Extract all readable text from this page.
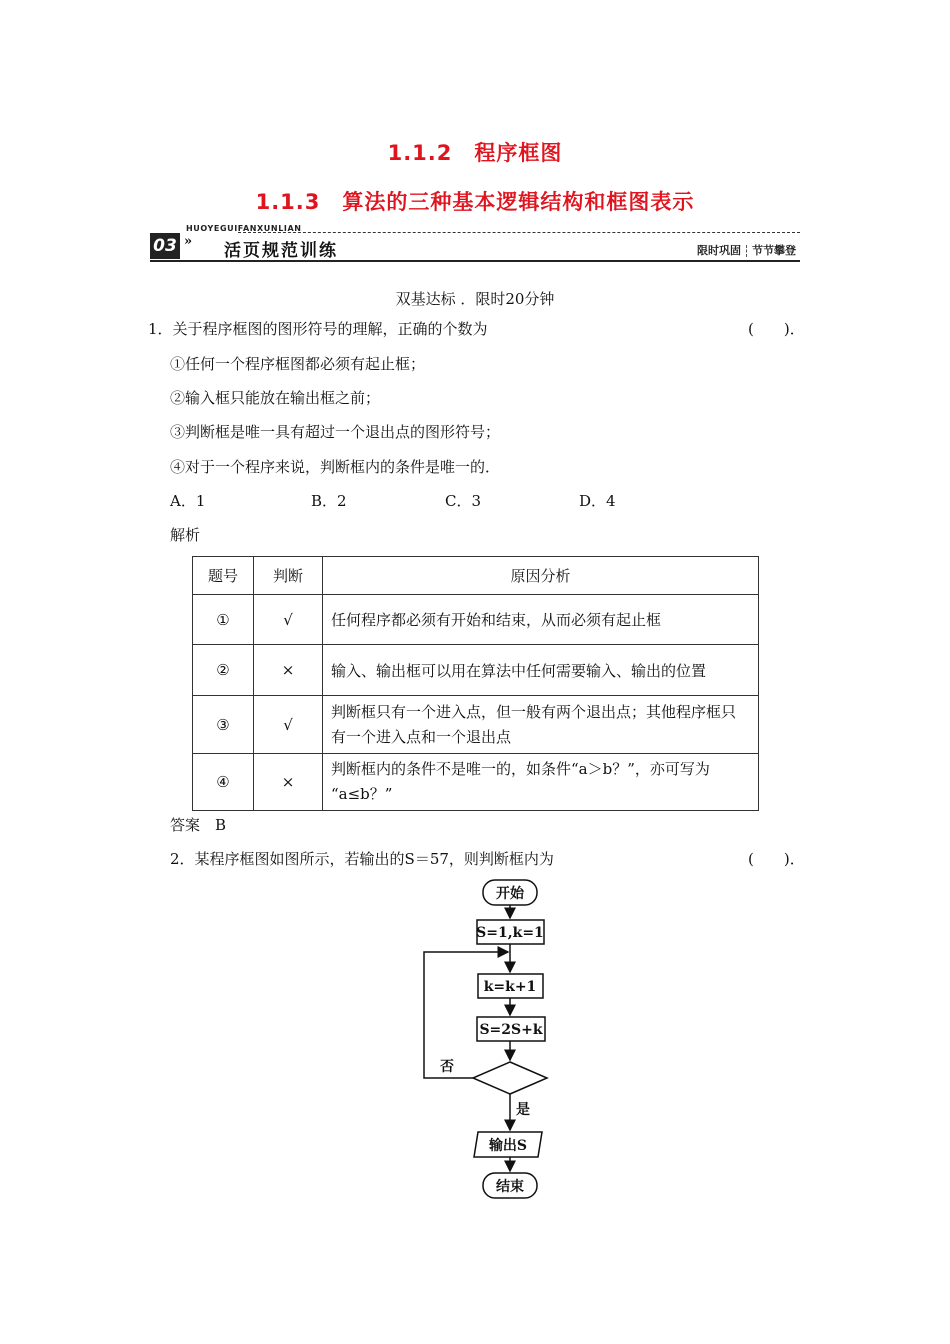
1.1.2　程序框图
1.1.3　算法的三种基本逻辑结构和框图表示
HUOYEGUIFANXUNLIAN
03 » 活页规范训练	限时巩固 节节攀登
双基达标 ．限时20分钟
1．关于程序框图的图形符号的理解，正确的个数为	(　　)．
①任何一个程序框图都必须有起止框；
②输入框只能放在输出框之前；
③判断框是唯一具有超过一个退出点的图形符号；
④对于一个程序来说，判断框内的条件是唯一的．
A．1	B．2	C．3	D．4
解析
题号	判断	原因分析
①	√	任何程序都必须有开始和结束，从而必须有起止框
②	×	输入、输出框可以用在算法中任何需要输入、输出的位置
③	√	判断框只有一个进入点，但一般有两个退出点；其他程序框只有一个进入点和一个退出点
④	×	判断框内的条件不是唯一的，如条件“a＞b？”，亦可写为
“a≤b？”
答案　B
2．某程序框图如图所示，若输出的S＝57，则判断框内为	(　　)．
开始
S=1,k=1
k=k+1
S=2S+k
否
是
输出S
结束
